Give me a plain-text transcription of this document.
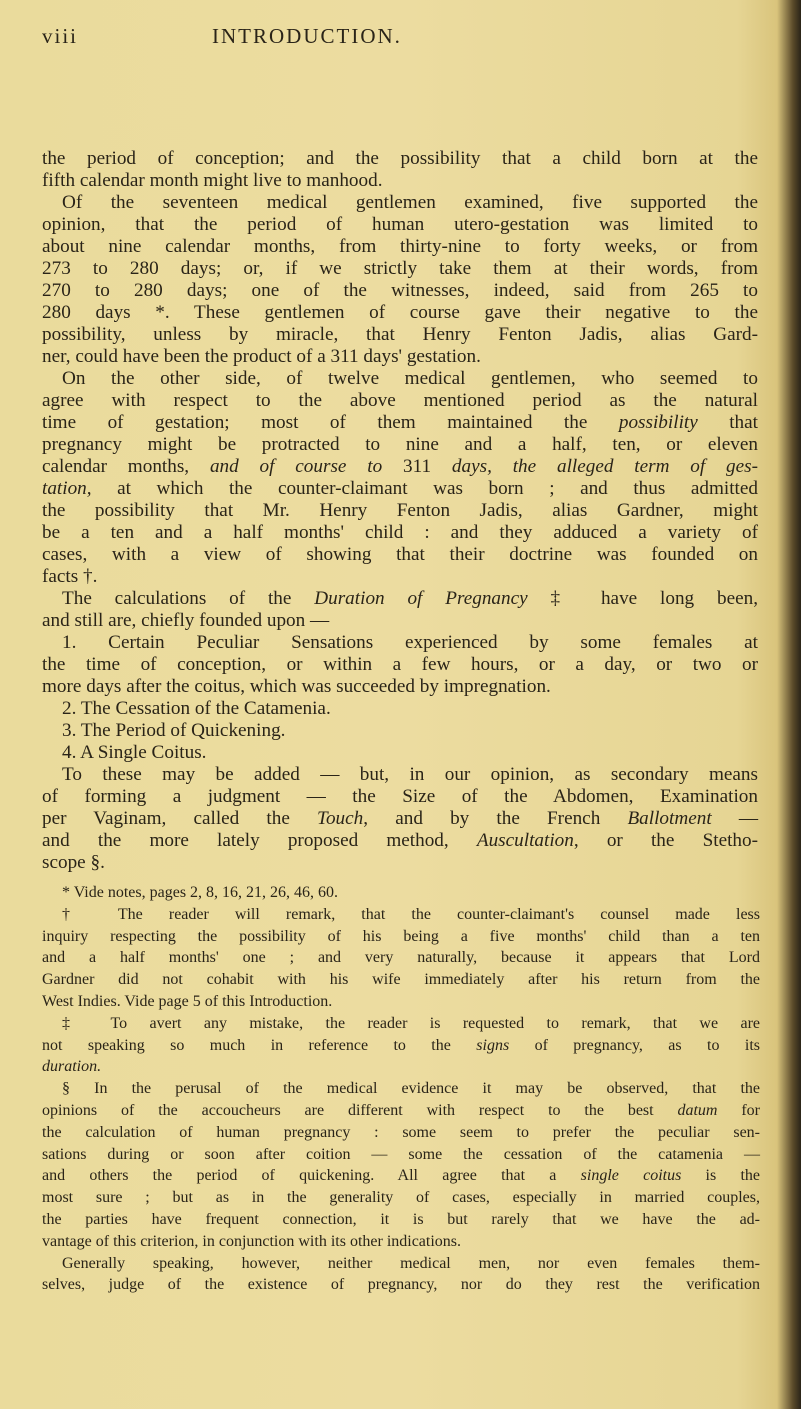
viii	INTRODUCTION.
the period of conception; and the possibility that a child born at the
fifth calendar month might live to manhood.
Of the seventeen medical gentlemen examined, five supported the
opinion, that the period of human utero-gestation was limited to
about nine calendar months, from thirty-nine to forty weeks, or from
273 to 280 days; or, if we strictly take them at their words, from
270 to 280 days; one of the witnesses, indeed, said from 265 to
280 days *. These gentlemen of course gave their negative to the
possibility, unless by miracle, that Henry Fenton Jadis, alias Gard-
ner, could have been the product of a 311 days' gestation.
On the other side, of twelve medical gentlemen, who seemed to
agree with respect to the above mentioned period as the natural
time of gestation; most of them maintained the possibility that
pregnancy might be protracted to nine and a half, ten, or eleven
calendar months, and of course to 311 days, the alleged term of ges-
tation, at which the counter-claimant was born ; and thus admitted
the possibility that Mr. Henry Fenton Jadis, alias Gardner, might
be a ten and a half months' child : and they adduced a variety of
cases, with a view of showing that their doctrine was founded on
facts †.
The calculations of the Duration of Pregnancy ‡ have long been,
and still are, chiefly founded upon —
1. Certain Peculiar Sensations experienced by some females at
the time of conception, or within a few hours, or a day, or two or
more days after the coitus, which was succeeded by impregnation.
2. The Cessation of the Catamenia.
3. The Period of Quickening.
4. A Single Coitus.
To these may be added — but, in our opinion, as secondary means
of forming a judgment — the Size of the Abdomen, Examination
per Vaginam, called the Touch, and by the French Ballotment —
and the more lately proposed method, Auscultation, or the Stetho-
scope §.
* Vide notes, pages 2, 8, 16, 21, 26, 46, 60.
† The reader will remark, that the counter-claimant's counsel made less
inquiry respecting the possibility of his being a five months' child than a ten
and a half months' one ; and very naturally, because it appears that Lord
Gardner did not cohabit with his wife immediately after his return from the
West Indies. Vide page 5 of this Introduction.
‡ To avert any mistake, the reader is requested to remark, that we are
not speaking so much in reference to the signs of pregnancy, as to its
duration.
§ In the perusal of the medical evidence it may be observed, that the
opinions of the accoucheurs are different with respect to the best datum for
the calculation of human pregnancy : some seem to prefer the peculiar sen-
sations during or soon after coition — some the cessation of the catamenia —
and others the period of quickening. All agree that a single coitus is the
most sure ; but as in the generality of cases, especially in married couples,
the parties have frequent connection, it is but rarely that we have the ad-
vantage of this criterion, in conjunction with its other indications.
Generally speaking, however, neither medical men, nor even females them-
selves, judge of the existence of pregnancy, nor do they rest the verification
